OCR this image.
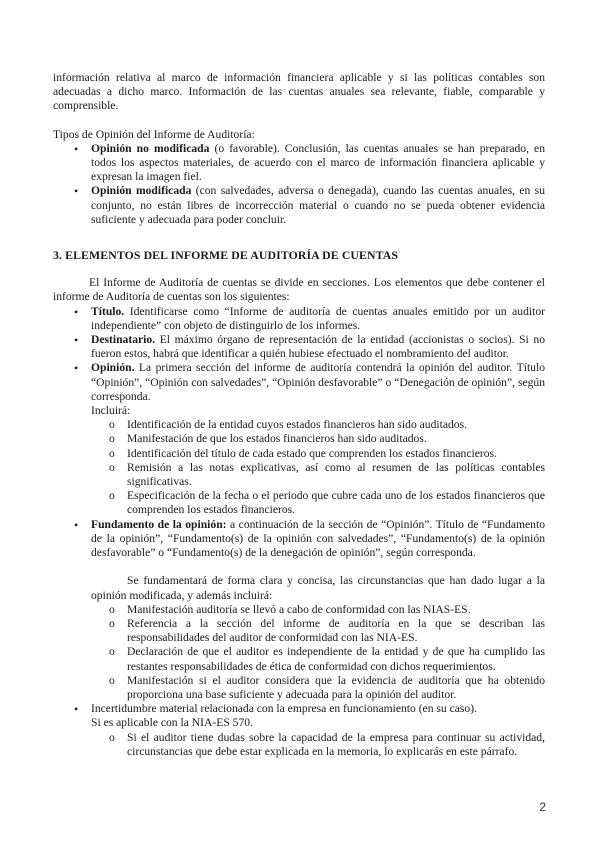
información relativa al marco de información financiera aplicable y si las políticas contables son adecuadas a dicho marco. Información de las cuentas anuales sea relevante, fiable, comparable y comprensible.

Tipos de Opinión del Informe de Auditoría:

• Opinión no modificada (o favorable). Conclusión, las cuentas anuales se han preparado, en todos los aspectos materiales, de acuerdo con el marco de información financiera aplicable y expresan la imagen fiel.
• Opinión modificada (con salvedades, adversa o denegada), cuando las cuentas anuales, en su conjunto, no están libres de incorrección material o cuando no se pueda obtener evidencia suficiente y adecuada para poder concluir.
3. ELEMENTOS DEL INFORME DE AUDITORÍA DE CUENTAS

El Informe de Auditoría de cuentas se divide en secciones. Los elementos que debe contener el informe de Auditoría de cuentas son los siguientes:

• Título. Identificarse como “Informe de auditoría de cuentas anuales emitido por un auditor independiente” con objeto de distinguirlo de los informes.
• Destinatario. El máximo órgano de representación de la entidad (accionistas o socios). Si no fueron estos, habrá que identificar a quién hubiese efectuado el nombramiento del auditor.
• Opinión. La primera sección del informe de auditoría contendrá la opinión del auditor. Título “Opinión”, “Opinión con salvedades”, “Opinión desfavorable” o “Denegación de opinión”, según corresponda.
Incluirá:
o Identificación de la entidad cuyos estados financieros han sido auditados.
o Manifestación de que los estados financieros han sido auditados.
o Identificación del título de cada estado que comprenden los estados financieros.
o Remisión a las notas explicativas, así como al resumen de las políticas contables significativas.
o Especificación de la fecha o el periodo que cubre cada uno de los estados financieros que comprenden los estados financieros.
• Fundamento de la opinión: a continuación de la sección de “Opinión”. Título de “Fundamento de la opinión”, “Fundamento(s) de la opinión con salvedades”, “Fundamento(s) de la opinión desfavorable” o “Fundamento(s) de la denegación de opinión”, según corresponda.

Se fundamentará de forma clara y concisa, las circunstancias que han dado lugar a la opinión modificada, y además incluirá:

o Manifestación auditoría se llevó a cabo de conformidad con las NIAS-ES.
o Referencia a la sección del informe de auditoría en la que se describan las responsabilidades del auditor de conformidad con las NIA-ES.
o Declaración de que el auditor es independiente de la entidad y de que ha cumplido las restantes responsabilidades de ética de conformidad con dichos requerimientos.
o Manifestación si el auditor considera que la evidencia de auditoría que ha obtenido proporciona una base suficiente y adecuada para la opinión del auditor.
• Incertidumbre material relacionada con la empresa en funcionamiento (en su caso).
Si es aplicable con la NIA-ES 570.
o Si el auditor tiene dudas sobre la capacidad de la empresa para continuar su actividad, circunstancias que debe estar explicada en la memoria, lo explicarás en este párrafo.
2
